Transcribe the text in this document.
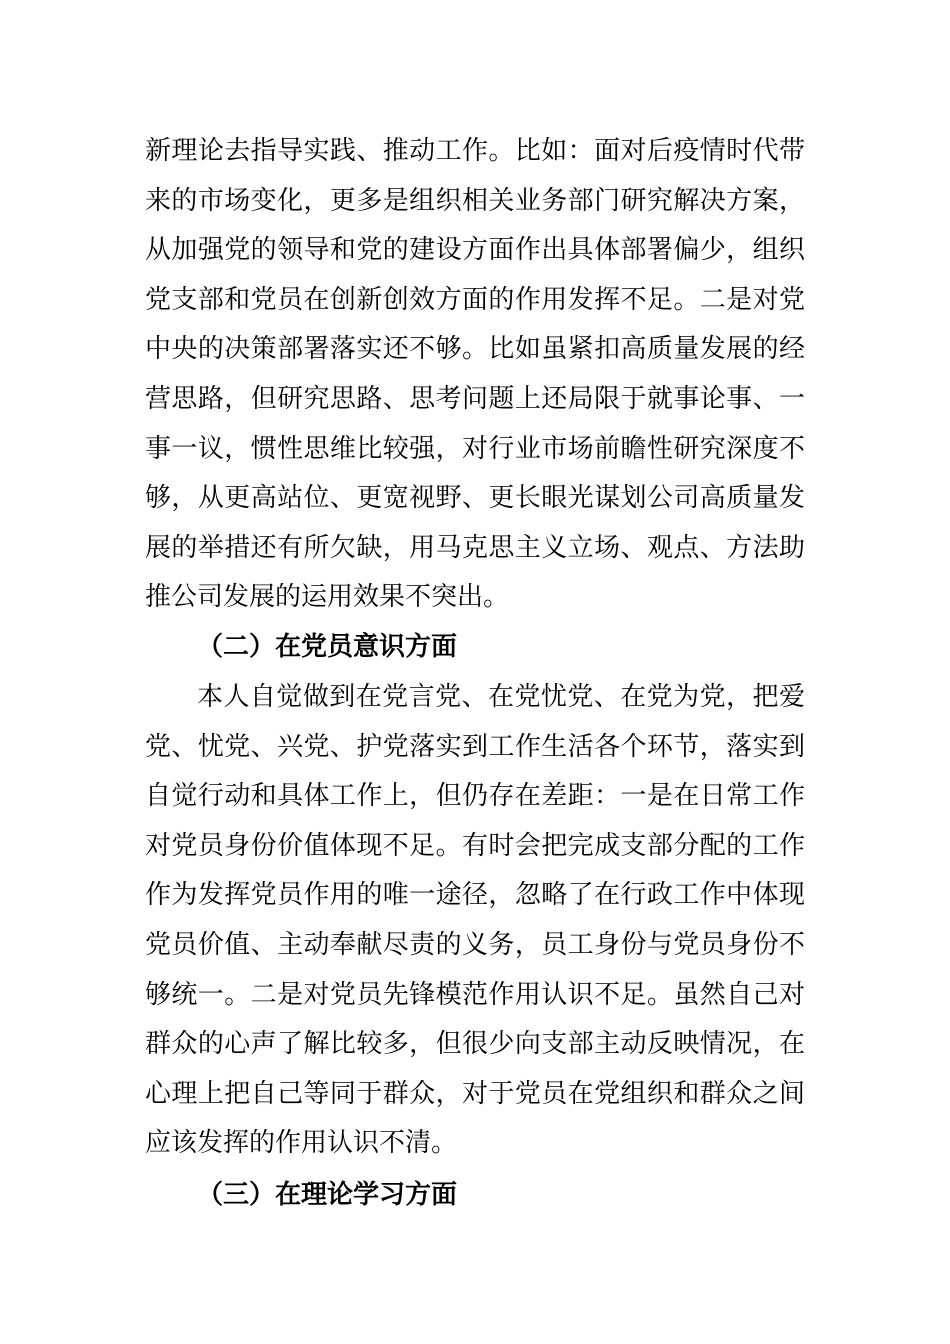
新理论去指导实践、推动工作。比如：面对后疫情时代带
来的市场变化，更多是组织相关业务部门研究解决方案，
从加强党的领导和党的建设方面作出具体部署偏少，组织
党支部和党员在创新创效方面的作用发挥不足。二是对党
中央的决策部署落实还不够。比如虽紧扣高质量发展的经
营思路，但研究思路、思考问题上还局限于就事论事、一
事一议，惯性思维比较强，对行业市场前瞻性研究深度不
够，从更高站位、更宽视野、更长眼光谋划公司高质量发
展的举措还有所欠缺，用马克思主义立场、观点、方法助
推公司发展的运用效果不突出。
（二）在党员意识方面
本人自觉做到在党言党、在党忧党、在党为党，把爱
党、忧党、兴党、护党落实到工作生活各个环节，落实到
自觉行动和具体工作上，但仍存在差距：一是在日常工作
对党员身份价值体现不足。有时会把完成支部分配的工作
作为发挥党员作用的唯一途径，忽略了在行政工作中体现
党员价值、主动奉献尽责的义务，员工身份与党员身份不
够统一。二是对党员先锋模范作用认识不足。虽然自己对
群众的心声了解比较多，但很少向支部主动反映情况，在
心理上把自己等同于群众，对于党员在党组织和群众之间
应该发挥的作用认识不清。
（三）在理论学习方面
